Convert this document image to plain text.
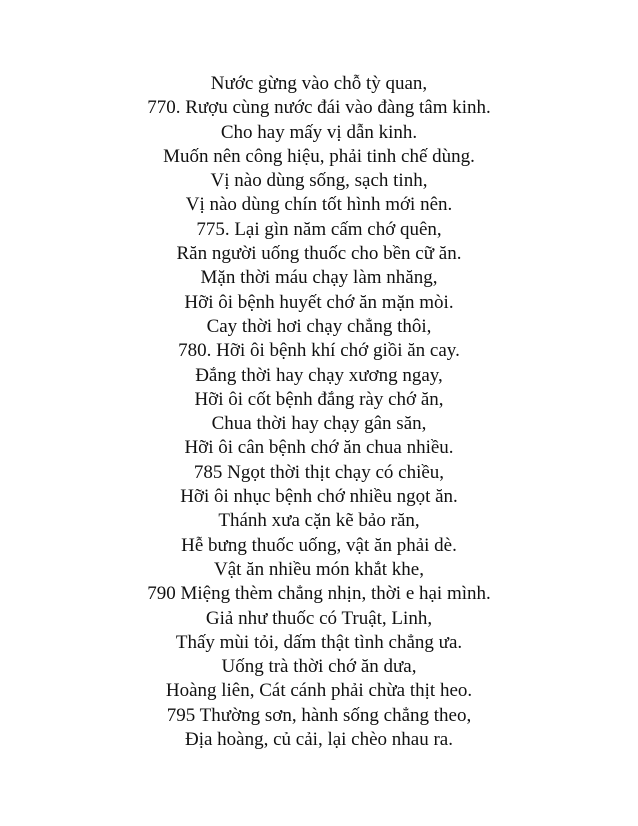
Nước gừng vào chỗ tỳ quan,
770. Rượu cùng nước đái vào đàng tâm kinh.
Cho hay mấy vị dẫn kinh.
Muốn nên công hiệu, phải tinh chế dùng.
Vị nào dùng sống, sạch tinh,
Vị nào dùng chín tốt hình mới nên.
775. Lại gìn năm cấm chớ quên,
Răn người uống thuốc cho bền cữ ăn.
Mặn thời máu chạy làm nhăng,
Hỡi ôi bệnh huyết chớ ăn mặn mòi.
Cay thời hơi chạy chẳng thôi,
780. Hỡi ôi bệnh khí chớ giồi ăn cay.
Đắng thời hay chạy xương ngay,
Hỡi ôi cốt bệnh đắng rày chớ ăn,
Chua thời hay chạy gân săn,
Hỡi ôi cân bệnh chớ ăn chua nhiều.
785 Ngọt thời thịt chạy có chiều,
Hỡi ôi nhục bệnh chớ nhiều ngọt ăn.
Thánh xưa cặn kẽ bảo răn,
Hễ bưng thuốc uống, vật ăn phải dè.
Vật ăn nhiều món khắt khe,
790 Miệng thèm chẳng nhịn, thời e hại mình.
Giả như thuốc có Truật, Linh,
Thấy mùi tỏi, dấm thật tình chẳng ưa.
Uống trà thời chớ ăn dưa,
Hoàng liên, Cát cánh phải chừa thịt heo.
795 Thường sơn, hành sống chẳng theo,
Địa hoàng, củ cải, lại chèo nhau ra.
